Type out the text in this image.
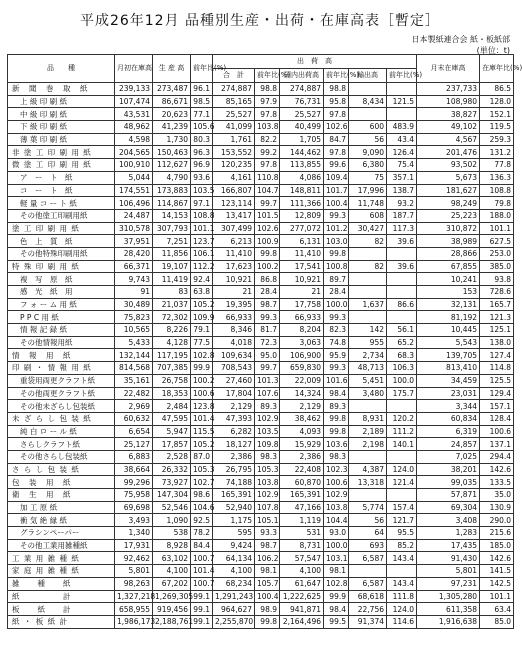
平成26年12月 品種別生産・出荷・在庫高表［暫定］
日本製紙連合会 紙・板紙部
(単位：t)
品　　種	月初在庫高	生 産 高	前年比(%)	出　荷　高						月末在庫高	在庫年比(%)
				合　計	前年比(%)	国内出荷高	前年比(%)	輸出高	前年比(%)		
新　聞　巻　取　紙	239,133	273,487	96.1	274,887	98.8	274,887	98.8			237,733	86.5
上 級 印 刷 紙	107,474	86,671	98.5	85,165	97.9	76,731	95.8	8,434	121.5	108,980	128.0
中 級 印 刷 紙	43,531	20,623	77.1	25,527	97.8	25,527	97.8			38,827	152.1
下 級 印 刷 紙	48,962	41,239	105.6	41,099	103.8	40,499	102.6	600	483.9	49,102	119.5
薄 葉 印 刷 紙	4,598	1,730	80.3	1,761	82.2	1,705	84.7	56	43.4	4,567	259.3
非 塗 工 印 刷 用 紙	204,565	150,463	96.3	153,552	99.2	144,462	97.8	9,090	126.4	201,476	131.2
微 塗 工 印 刷 用 紙	100,910	112,627	96.9	120,235	97.8	113,855	99.6	6,380	75.4	93,502	77.8
ア　ー　ト　紙	5,044	4,790	93.6	4,161	110.8	4,086	109.4	75	357.1	5,673	136.3
コ　ー　ト　紙	174,551	173,883	103.5	166,807	104.7	148,811	101.7	17,996	138.7	181,627	108.8
軽 量 コ ー ト 紙	106,496	114,867	97.1	123,114	99.7	111,366	100.4	11,748	93.2	98,249	79.8
その他塗工印刷用紙	24,487	14,153	108.8	13,417	101.5	12,809	99.3	608	187.7	25,223	188.0
塗 工 印 刷 用 紙	310,578	307,793	101.1	307,499	102.6	277,072	101.2	30,427	117.3	310,872	101.1
色　上　質　紙	37,951	7,251	123.7	6,213	100.9	6,131	103.0	82	39.6	38,989	627.5
その他特殊印刷用紙	28,420	11,856	106.1	11,410	99.8	11,410	99.8			28,866	253.0
特 殊 印 刷 用 紙	66,371	19,107	112.2	17,623	100.2	17,541	100.8	82	39.6	67,855	385.0
複　写　原　紙	9,743	11,419	92.4	10,921	86.8	10,921	89.7			10,241	93.8
感　光　紙　用	91	83	63.8	21	28.4	21	28.4			153	728.6
フ ォ ー ム 用 紙	30,489	21,037	105.2	19,395	98.7	17,758	100.0	1,637	86.6	32,131	165.7
P P C 用 紙	75,823	72,302	109.9	66,933	99.3	66,933	99.3			81,192	121.3
情 報 記 録 紙	10,565	8,226	79.1	8,346	81.7	8,204	82.3	142	56.1	10,445	125.1
その他情報用紙	5,433	4,128	77.5	4,018	72.3	3,063	74.8	955	65.2	5,543	138.0
情　報　用　紙	132,144	117,195	102.8	109,634	95.0	106,900	95.9	2,734	68.3	139,705	127.4
印 刷 ・ 情 報 用 紙	814,568	707,385	99.9	708,543	99.7	659,830	99.3	48,713	106.3	813,410	114.8
重袋用両更クラフト紙	35,161	26,758	100.2	27,460	101.3	22,009	101.6	5,451	100.0	34,459	125.5
その他両更クラフト紙	22,482	18,353	100.6	17,804	107.6	14,324	98.4	3,480	175.7	23,031	129.4
その他未ざらし包装紙	2,969	2,484	123.8	2,129	89.3	2,129	89.3			3,344	157.1
未 ざ ら し 包 装 紙	60,632	47,595	101.4	47,393	102.9	38,462	99.8	8,931	120.2	60,834	128.4
純 白 ロ ー ル 紙	6,654	5,947	115.5	6,282	103.5	4,093	99.8	2,189	111.2	6,319	100.6
さらしクラフト紙	25,127	17,857	105.2	18,127	109.8	15,929	103.6	2,198	140.1	24,857	137.1
その他さらし包装紙	6,883	2,528	87.0	2,386	98.3	2,386	98.3			7,025	294.4
さ ら し 包 装 紙	38,664	26,332	105.3	26,795	105.3	22,408	102.3	4,387	124.0	38,201	142.6
包　装　用　紙	99,296	73,927	102.7	74,188	103.8	60,870	100.6	13,318	121.4	99,035	133.5
衛　生　用　紙	75,958	147,304	98.6	165,391	102.9	165,391	102.9			57,871	35.0
加 工 原 紙	69,698	52,546	104.6	52,940	107.8	47,166	103.8	5,774	157.4	69,304	130.9
衝 気 絶 縁 紙	3,493	1,090	92.5	1,175	105.1	1,119	104.4	56	121.7	3,408	290.0
グラシンペーパー	1,340	538	78.2	595	93.3	531	93.0	64	95.5	1,283	215.6
その他工業用雑種紙	17,931	8,928	84.4	9,424	98.7	8,731	100.0	693	85.2	17,435	185.0
工 業 用 雑 種 紙	92,462	63,102	100.7	64,134	106.2	57,547	103.1	6,587	143.4	91,430	142.6
家 庭 用 雑 種 紙	5,801	4,100	101.4	4,100	98.1	4,100	98.1			5,801	141.5
雑　　種　　紙	98,263	67,202	100.7	68,234	105.7	61,647	102.8	6,587	143.4	97,231	142.5
紙　　　　　計	1,327,218	1,269,305	99.1	1,291,243	100.4	1,222,625	99.9	68,618	111.8	1,305,280	101.1
板　　紙　　計	658,955	919,456	99.1	964,627	98.9	941,871	98.4	22,756	124.0	611,358	63.4
紙 ・ 板 紙 計	1,986,173	2,188,761	99.1	2,255,870	99.8	2,164,496	99.5	91,374	114.6	1,916,638	85.0
